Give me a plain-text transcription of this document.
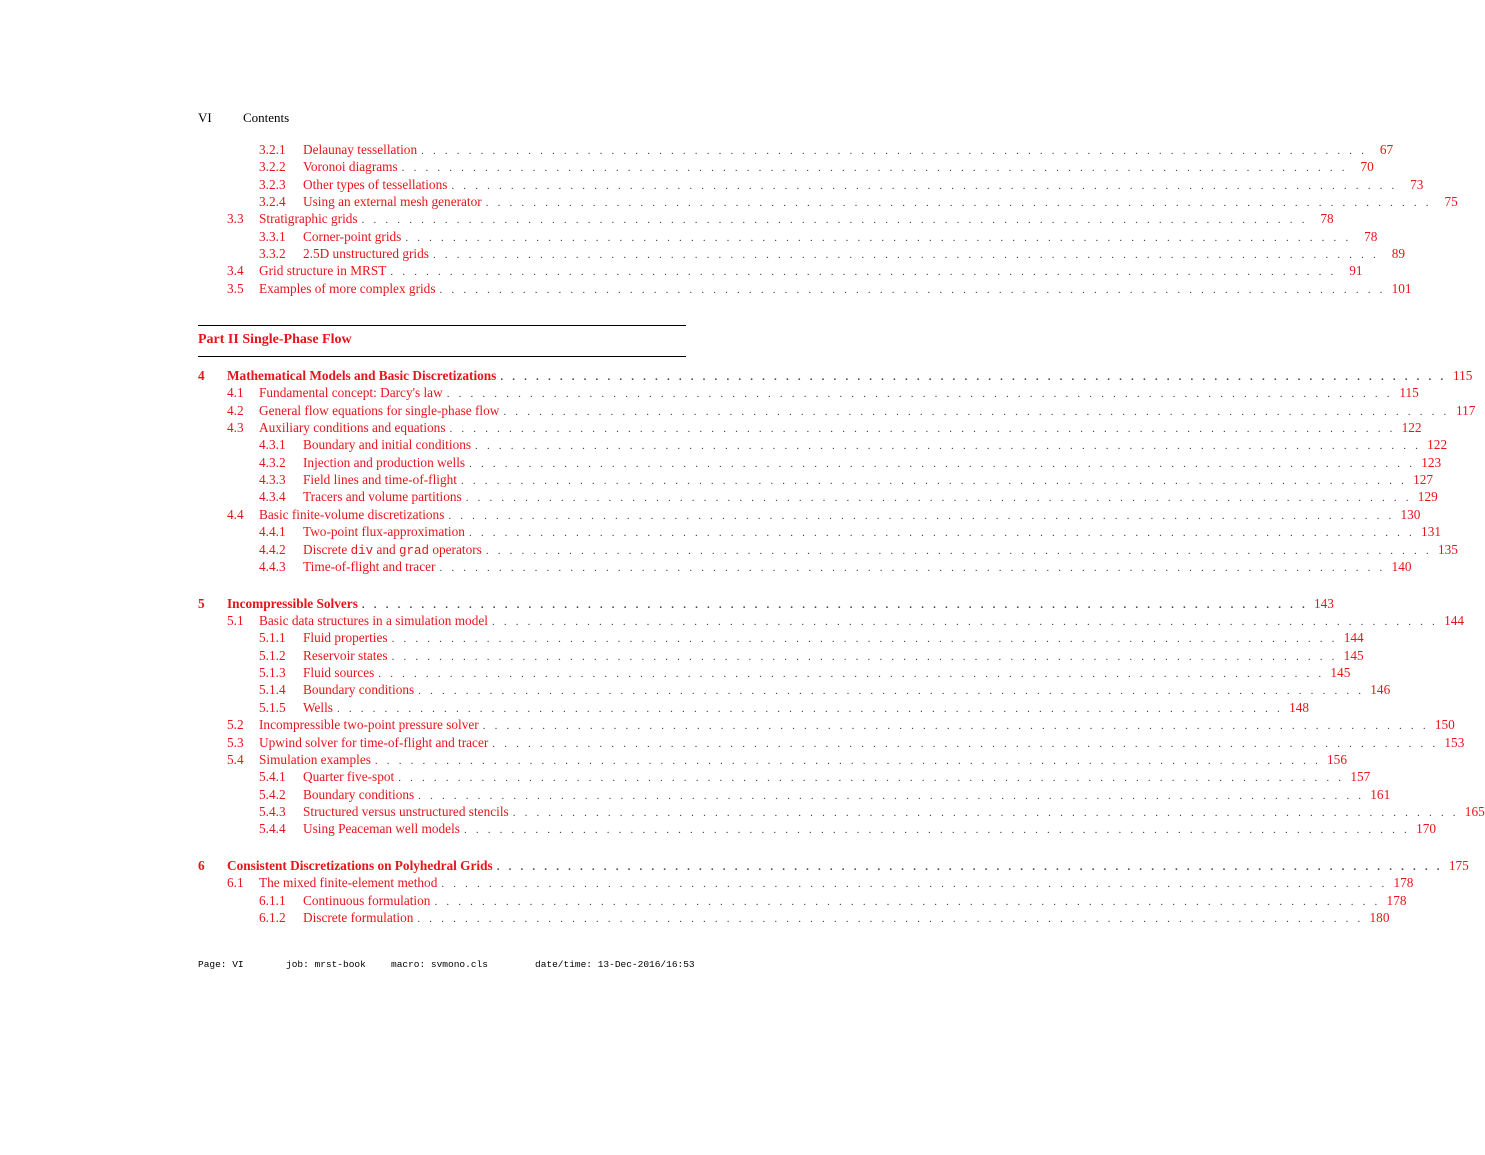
VI Contents
3.2.1 Delaunay tessellation . . . . . . . . . . . . . . . . . . . . . . . . . . . . . . . . . . . . . . . . . . . . . . . . . . . . . . . . . . . . . . . . . . . . . . . . . . . . . . . . 67
3.2.2 Voronoi diagrams . . . . . . . . . . . . . . . . . . . . . . . . . . . . . . . . . . . . . . . . . . . . . . . . . . . . . . . . . . . . . . . . . . . . . . . . . . . . . . . . 70
3.2.3 Other types of tessellations . . . . . . . . . . . . . . . . . . . . . . . . . . . . . . . . . . . . . . . . . . . . . . . . . . . . . . . . . . . . . . . . . . . . . . . . . . . . . . . . 73
3.2.4 Using an external mesh generator . . . . . . . . . . . . . . . . . . . . . . . . . . . . . . . . . . . . . . . . . . . . . . . . . . . . . . . . . . . . . . . . . . . . . . . . . . . . . . . . 75
3.3 Stratigraphic grids . . . . . . . . . . . . . . . . . . . . . . . . . . . . . . . . . . . . . . . . . . . . . . . . . . . . . . . . . . . . . . . . . . . . . . . . . . . . . . . . 78
3.3.1 Corner-point grids . . . . . . . . . . . . . . . . . . . . . . . . . . . . . . . . . . . . . . . . . . . . . . . . . . . . . . . . . . . . . . . . . . . . . . . . . . . . . . . . 78
3.3.2 2.5D unstructured grids . . . . . . . . . . . . . . . . . . . . . . . . . . . . . . . . . . . . . . . . . . . . . . . . . . . . . . . . . . . . . . . . . . . . . . . . . . . . . . . . 89
3.4 Grid structure in MRST . . . . . . . . . . . . . . . . . . . . . . . . . . . . . . . . . . . . . . . . . . . . . . . . . . . . . . . . . . . . . . . . . . . . . . . . . . . . . . . . 91
3.5 Examples of more complex grids . . . . . . . . . . . . . . . . . . . . . . . . . . . . . . . . . . . . . . . . . . . . . . . . . . . . . . . . . . . . . . . . . . . . . . . . . . . . . . . . 101
Part II Single-Phase Flow
4 Mathematical Models and Basic Discretizations . . . . . . . . . . . . . . . . . . . . . . . . . . . . . . . . . . . . . . . . . . . . . . . . . . . . . . . . . . . . . . . . . . . . . . . . . . . . . . . . 115
4.1 Fundamental concept: Darcy's law . . . . . . . . . . . . . . . . . . . . . . . . . . . . . . . . . . . . . . . . . . . . . . . . . . . . . . . . . . . . . . . . . . . . . . . . . . . . . . . . 115
4.2 General flow equations for single-phase flow . . . . . . . . . . . . . . . . . . . . . . . . . . . . . . . . . . . . . . . . . . . . . . . . . . . . . . . . . . . . . . . . . . . . . . . . . . . . . . . . 117
4.3 Auxiliary conditions and equations . . . . . . . . . . . . . . . . . . . . . . . . . . . . . . . . . . . . . . . . . . . . . . . . . . . . . . . . . . . . . . . . . . . . . . . . . . . . . . . . 122
4.3.1 Boundary and initial conditions . . . . . . . . . . . . . . . . . . . . . . . . . . . . . . . . . . . . . . . . . . . . . . . . . . . . . . . . . . . . . . . . . . . . . . . . . . . . . . . . 122
4.3.2 Injection and production wells . . . . . . . . . . . . . . . . . . . . . . . . . . . . . . . . . . . . . . . . . . . . . . . . . . . . . . . . . . . . . . . . . . . . . . . . . . . . . . . . 123
4.3.3 Field lines and time-of-flight . . . . . . . . . . . . . . . . . . . . . . . . . . . . . . . . . . . . . . . . . . . . . . . . . . . . . . . . . . . . . . . . . . . . . . . . . . . . . . . . 127
4.3.4 Tracers and volume partitions . . . . . . . . . . . . . . . . . . . . . . . . . . . . . . . . . . . . . . . . . . . . . . . . . . . . . . . . . . . . . . . . . . . . . . . . . . . . . . . . 129
4.4 Basic finite-volume discretizations . . . . . . . . . . . . . . . . . . . . . . . . . . . . . . . . . . . . . . . . . . . . . . . . . . . . . . . . . . . . . . . . . . . . . . . . . . . . . . . . 130
4.4.1 Two-point flux-approximation . . . . . . . . . . . . . . . . . . . . . . . . . . . . . . . . . . . . . . . . . . . . . . . . . . . . . . . . . . . . . . . . . . . . . . . . . . . . . . . . 131
4.4.2 Discrete div and grad operators . . . . . . . . . . . . . . . . . . . . . . . . . . . . . . . . . . . . . . . . . . . . . . . . . . . . . . . . . . . . . . . . . . . . . . . . . . . . . . . . 135
4.4.3 Time-of-flight and tracer . . . . . . . . . . . . . . . . . . . . . . . . . . . . . . . . . . . . . . . . . . . . . . . . . . . . . . . . . . . . . . . . . . . . . . . . . . . . . . . . 140
5 Incompressible Solvers . . . . . . . . . . . . . . . . . . . . . . . . . . . . . . . . . . . . . . . . . . . . . . . . . . . . . . . . . . . . . . . . . . . . . . . . . . . . . . . . 143
5.1 Basic data structures in a simulation model . . . . . . . . . . . . . . . . . . . . . . . . . . . . . . . . . . . . . . . . . . . . . . . . . . . . . . . . . . . . . . . . . . . . . . . . . . . . . . . . 144
5.1.1 Fluid properties . . . . . . . . . . . . . . . . . . . . . . . . . . . . . . . . . . . . . . . . . . . . . . . . . . . . . . . . . . . . . . . . . . . . . . . . . . . . . . . . 144
5.1.2 Reservoir states . . . . . . . . . . . . . . . . . . . . . . . . . . . . . . . . . . . . . . . . . . . . . . . . . . . . . . . . . . . . . . . . . . . . . . . . . . . . . . . . 145
5.1.3 Fluid sources . . . . . . . . . . . . . . . . . . . . . . . . . . . . . . . . . . . . . . . . . . . . . . . . . . . . . . . . . . . . . . . . . . . . . . . . . . . . . . . . 145
5.1.4 Boundary conditions . . . . . . . . . . . . . . . . . . . . . . . . . . . . . . . . . . . . . . . . . . . . . . . . . . . . . . . . . . . . . . . . . . . . . . . . . . . . . . . . 146
5.1.5 Wells . . . . . . . . . . . . . . . . . . . . . . . . . . . . . . . . . . . . . . . . . . . . . . . . . . . . . . . . . . . . . . . . . . . . . . . . . . . . . . . . 148
5.2 Incompressible two-point pressure solver . . . . . . . . . . . . . . . . . . . . . . . . . . . . . . . . . . . . . . . . . . . . . . . . . . . . . . . . . . . . . . . . . . . . . . . . . . . . . . . . 150
5.3 Upwind solver for time-of-flight and tracer . . . . . . . . . . . . . . . . . . . . . . . . . . . . . . . . . . . . . . . . . . . . . . . . . . . . . . . . . . . . . . . . . . . . . . . . . . . . . . . . 153
5.4 Simulation examples . . . . . . . . . . . . . . . . . . . . . . . . . . . . . . . . . . . . . . . . . . . . . . . . . . . . . . . . . . . . . . . . . . . . . . . . . . . . . . . . 156
5.4.1 Quarter five-spot . . . . . . . . . . . . . . . . . . . . . . . . . . . . . . . . . . . . . . . . . . . . . . . . . . . . . . . . . . . . . . . . . . . . . . . . . . . . . . . . 157
5.4.2 Boundary conditions . . . . . . . . . . . . . . . . . . . . . . . . . . . . . . . . . . . . . . . . . . . . . . . . . . . . . . . . . . . . . . . . . . . . . . . . . . . . . . . . 161
5.4.3 Structured versus unstructured stencils . . . . . . . . . . . . . . . . . . . . . . . . . . . . . . . . . . . . . . . . . . . . . . . . . . . . . . . . . . . . . . . . . . . . . . . . . . . . . . . . 165
5.4.4 Using Peaceman well models . . . . . . . . . . . . . . . . . . . . . . . . . . . . . . . . . . . . . . . . . . . . . . . . . . . . . . . . . . . . . . . . . . . . . . . . . . . . . . . . 170
6 Consistent Discretizations on Polyhedral Grids . . . . . . . . . . . . . . . . . . . . . . . . . . . . . . . . . . . . . . . . . . . . . . . . . . . . . . . . . . . . . . . . . . . . . . . . . . . . . . . . 175
6.1 The mixed finite-element method . . . . . . . . . . . . . . . . . . . . . . . . . . . . . . . . . . . . . . . . . . . . . . . . . . . . . . . . . . . . . . . . . . . . . . . . . . . . . . . . 178
6.1.1 Continuous formulation . . . . . . . . . . . . . . . . . . . . . . . . . . . . . . . . . . . . . . . . . . . . . . . . . . . . . . . . . . . . . . . . . . . . . . . . . . . . . . . . 178
6.1.2 Discrete formulation . . . . . . . . . . . . . . . . . . . . . . . . . . . . . . . . . . . . . . . . . . . . . . . . . . . . . . . . . . . . . . . . . . . . . . . . . . . . . . . . 180
Page: VI	job: mrst-book	macro: svmono.cls	date/time: 13-Dec-2016/16:53
